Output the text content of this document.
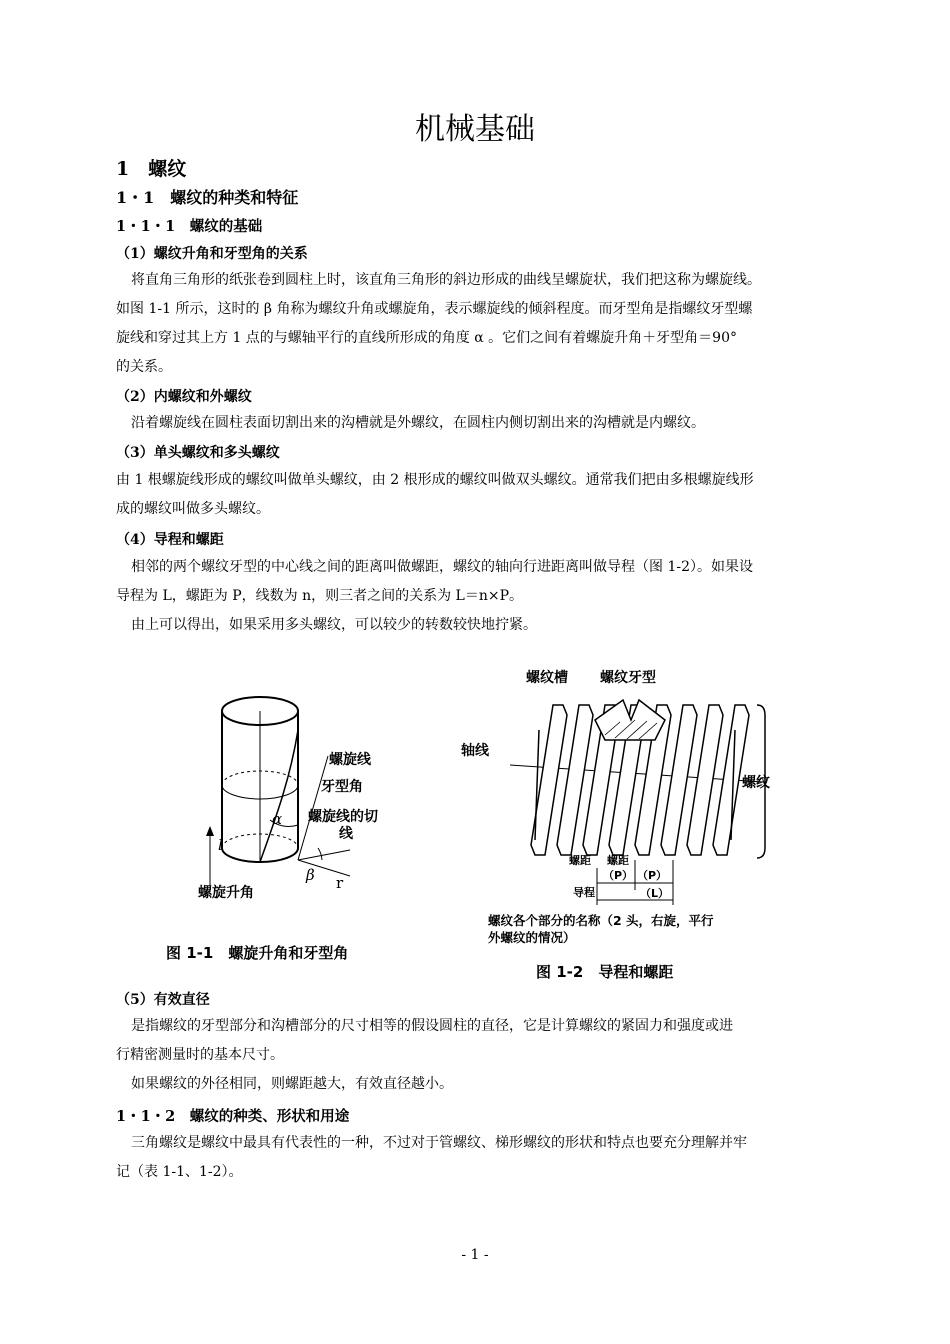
机械基础
1　螺纹
1・1　螺纹的种类和特征
1・1・1　螺纹的基础
（1）螺纹升角和牙型角的关系
将直角三角形的纸张卷到圆柱上时，该直角三角形的斜边形成的曲线呈螺旋状，我们把这称为螺旋线。
如图 1-1 所示，这时的 β 角称为螺纹升角或螺旋角，表示螺旋线的倾斜程度。而牙型角是指螺纹牙型螺
旋线和穿过其上方 1 点的与螺轴平行的直线所形成的角度 α 。它们之间有着螺旋升角＋牙型角＝90°
的关系。
（2）内螺纹和外螺纹
沿着螺旋线在圆柱表面切割出来的沟槽就是外螺纹，在圆柱内侧切割出来的沟槽就是内螺纹。
（3）单头螺纹和多头螺纹
由 1 根螺旋线形成的螺纹叫做单头螺纹，由 2 根形成的螺纹叫做双头螺纹。通常我们把由多根螺旋线形
成的螺纹叫做多头螺纹。
（4）导程和螺距
相邻的两个螺纹牙型的中心线之间的距离叫做螺距，螺纹的轴向行进距离叫做导程（图 1-2）。如果设
导程为 L，螺距为 P，线数为 n，则三者之间的关系为 L＝n×P。
由上可以得出，如果采用多头螺纹，可以较少的转数较快地拧紧。
α
β
l
r
螺旋线
牙型角
螺旋线的切
线
螺旋升角
图 1-1　螺旋升角和牙型角
螺纹槽 螺纹牙型
轴线
螺纹
螺距 螺距
（P） （P）
导程	（L）
螺纹各个部分的名称（2 头，右旋，平行
外螺纹的情况）
图 1-2　导程和螺距
（5）有效直径
是指螺纹的牙型部分和沟槽部分的尺寸相等的假设圆柱的直径，它是计算螺纹的紧固力和强度或进
行精密测量时的基本尺寸。
如果螺纹的外径相同，则螺距越大，有效直径越小。
1・1・2　螺纹的种类、形状和用途
三角螺纹是螺纹中最具有代表性的一种，不过对于管螺纹、梯形螺纹的形状和特点也要充分理解并牢
记（表 1-1、1-2）。
- 1 -
